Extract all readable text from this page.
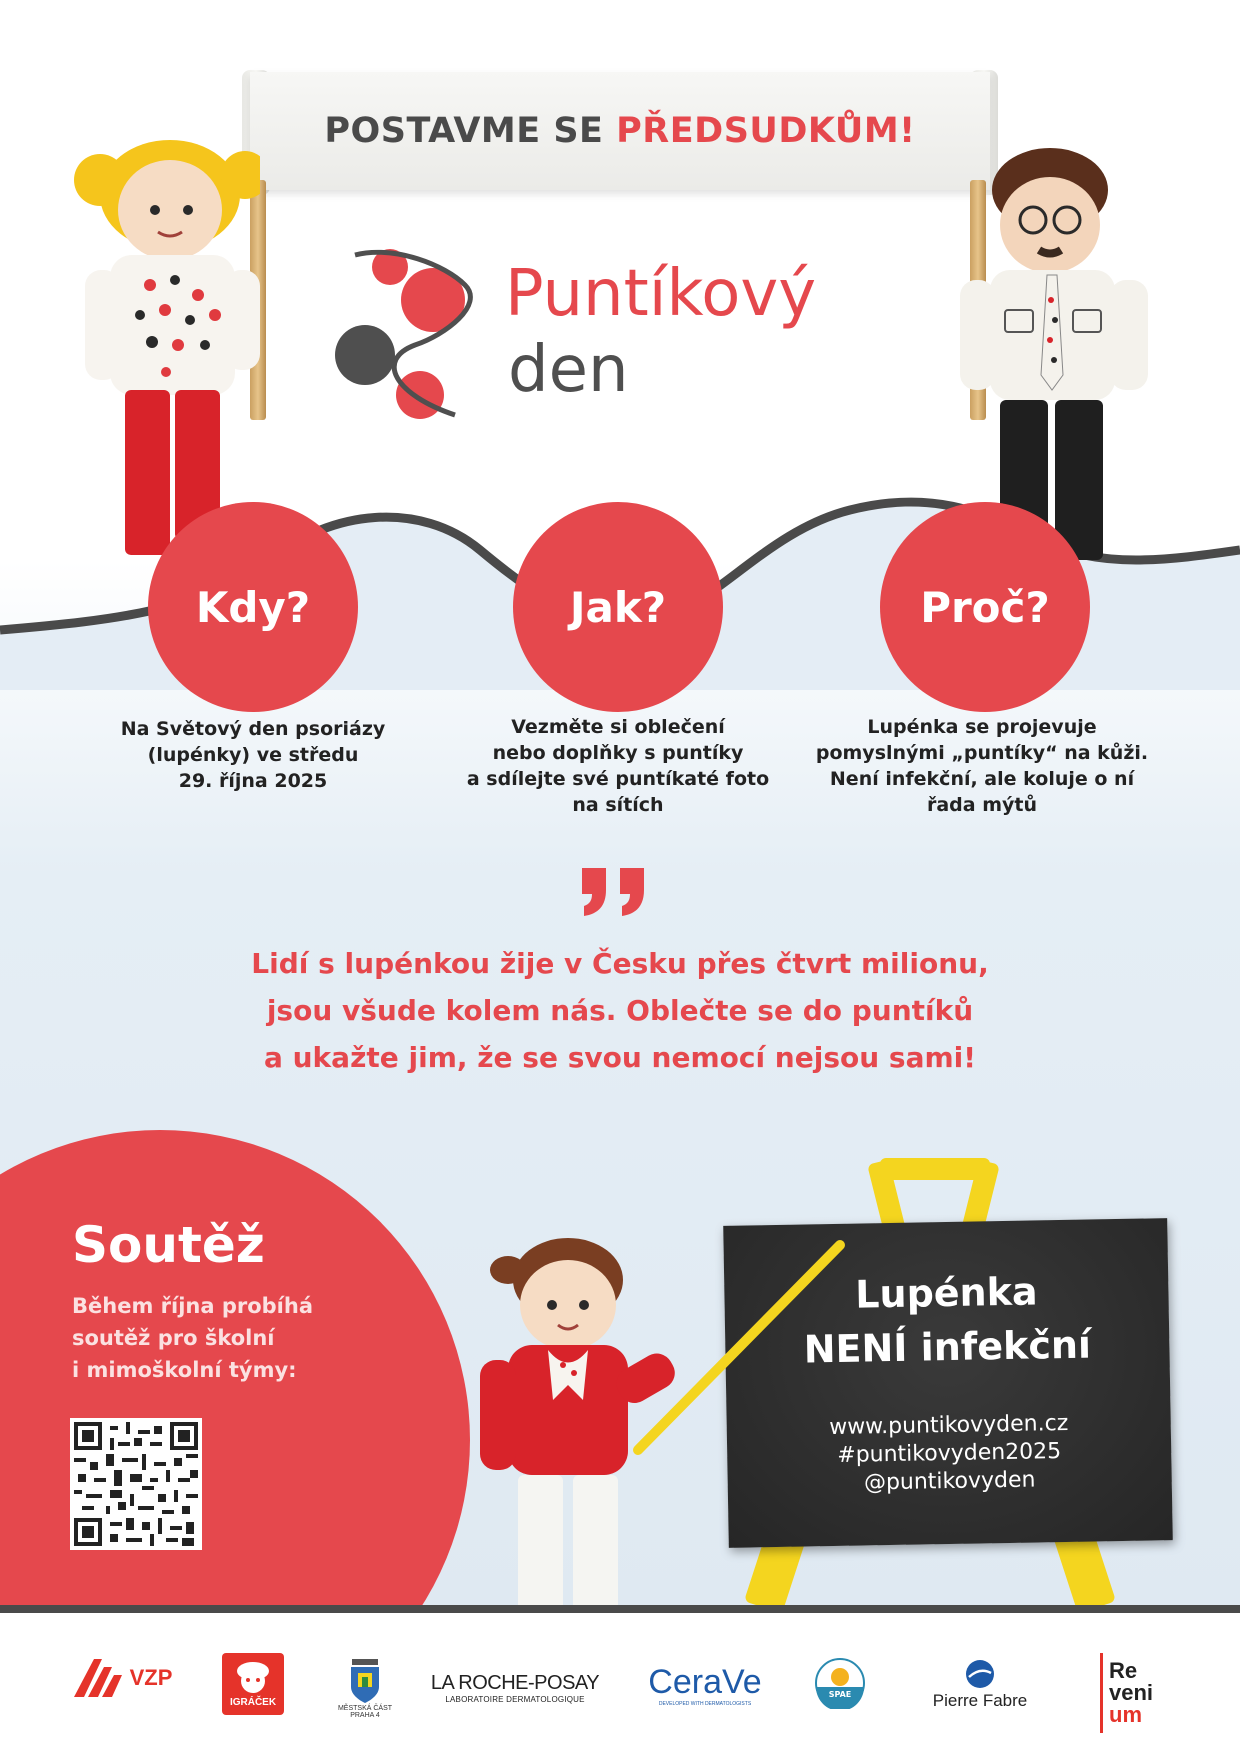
POSTAVME SE PŘEDSUDKŮM!
Puntíkový
den
Kdy?	Jak?	Proč?
Na Světový den psoriázy
(lupénky) ve středu
29. října 2025
Vezměte si oblečení
nebo doplňky s puntíky
a sdílejte své puntíkaté foto
na sítích
Lupénka se projevuje
pomyslnými „puntíky“ na kůži.
Není infekční, ale koluje o ní
řada mýtů
Lidí s lupénkou žije v Česku přes čtvrt milionu,
jsou všude kolem nás. Oblečte se do puntíků
a ukažte jim, že se svou nemocí nejsou sami!
Soutěž
Během října probíhá
soutěž pro školní
i mimoškolní týmy:
Lupénka
NENÍ infekční
www.puntikovyden.cz
#puntikovyden2025
@puntikovyden
VZP
IGRÁČEK
MĚSTSKÁ ČÁST
PRAHA 4
LA ROCHE-POSAY
LABORATOIRE DERMATOLOGIQUE CeraVe
DEVELOPED WITH DERMATOLOGISTS
SPAE	Pierre Fabre
Re
veni
um
